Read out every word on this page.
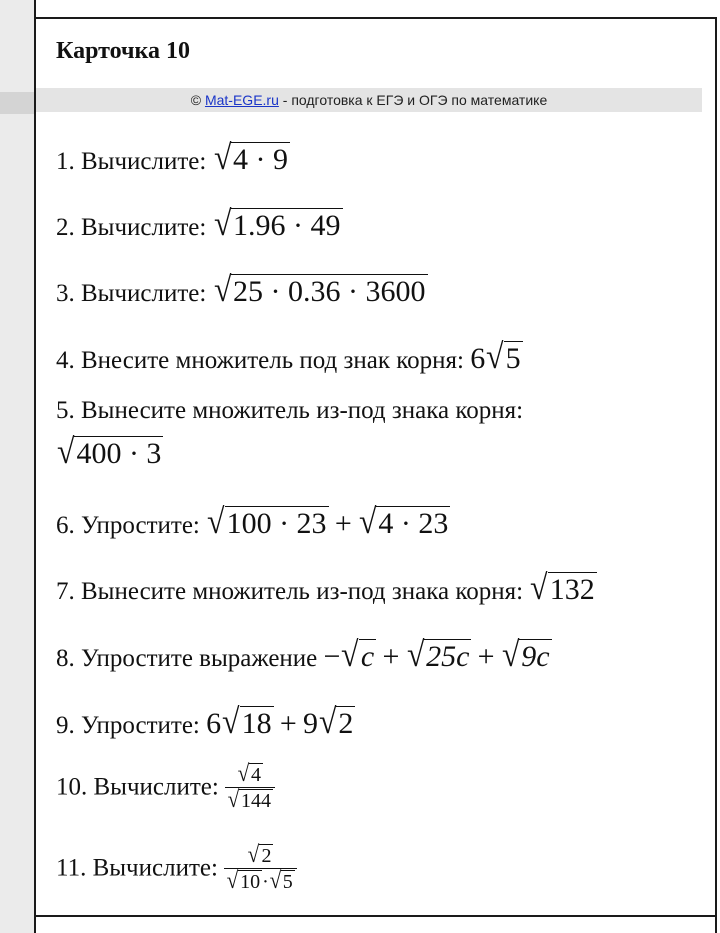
Карточка 10
© Mat-EGE.ru - подготовка к ЕГЭ и ОГЭ по математике
1. Вычислите: √4 · 9
2. Вычислите: √1.96 · 49
3. Вычислите: √25 · 0.36 · 3600
4. Внесите множитель под знак корня: 6√5
5. Вынесите множитель из-под знака корня:
√400 · 3
6. Упростите: √100 · 23 + √4 · 23
7. Вынесите множитель из-под знака корня: √132
8. Упростите выражение −√c + √25c + √9c
9. Упростите: 6√18 + 9√2
10. Вычислите: $\frac{√4}{√144}$
11. Вычислите: $\frac{√2}{√10 \cdot√5}$
